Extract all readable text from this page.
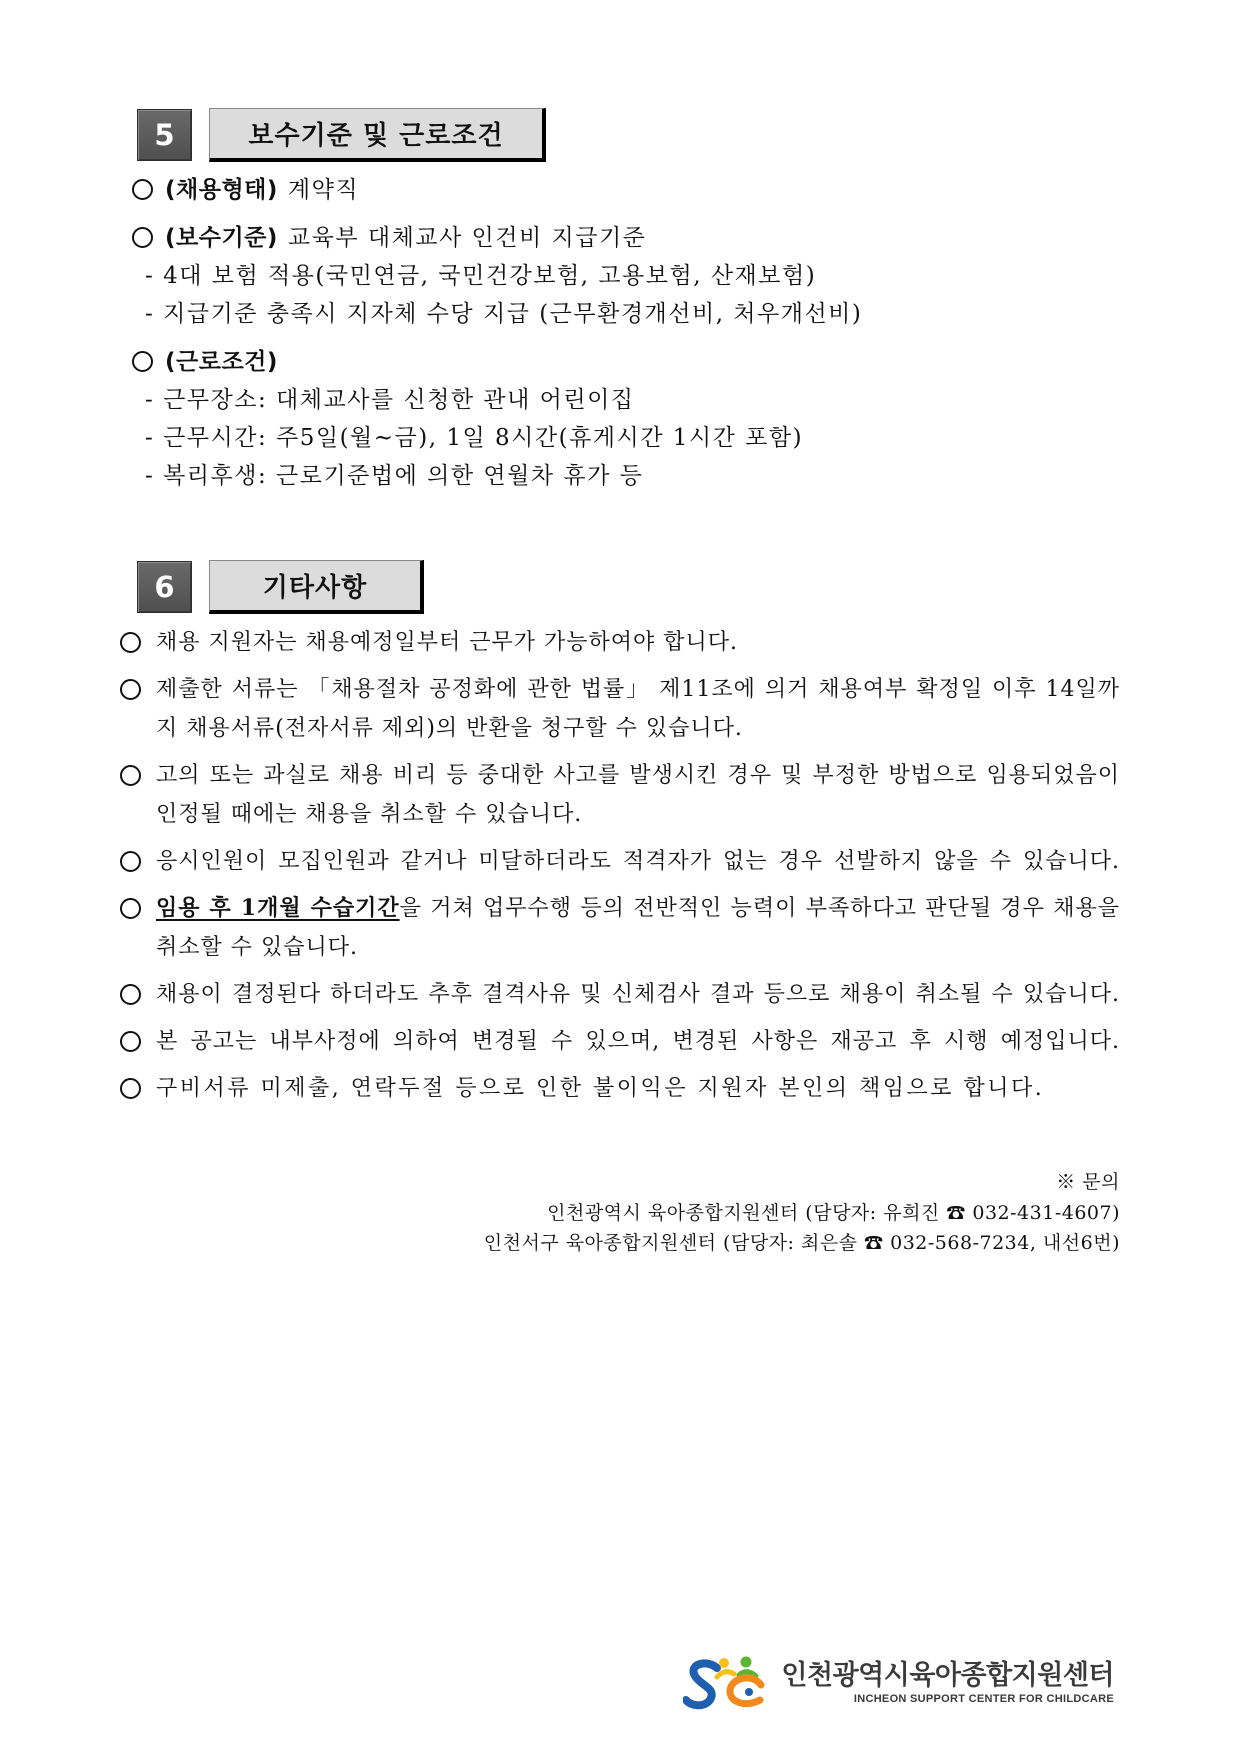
5	보수기준 및 근로조건
(채용형태) 계약직
(보수기준) 교육부 대체교사 인건비 지급기준
- 4대 보험 적용(국민연금, 국민건강보험, 고용보험, 산재보험)
- 지급기준 충족시 지자체 수당 지급 (근무환경개선비, 처우개선비)
(근로조건)
- 근무장소: 대체교사를 신청한 관내 어린이집
- 근무시간: 주5일(월~금), 1일 8시간(휴게시간 1시간 포함)
- 복리후생: 근로기준법에 의한 연월차 휴가 등
6	기타사항
채용 지원자는 채용예정일부터 근무가 가능하여야 합니다.
제출한 서류는 「채용절차 공정화에 관한 법률」 제11조에 의거 채용여부 확정일 이후 14일까지 채용서류(전자서류 제외)의 반환을 청구할 수 있습니다.
고의 또는 과실로 채용 비리 등 중대한 사고를 발생시킨 경우 및 부정한 방법으로 임용되었음이 인정될 때에는 채용을 취소할 수 있습니다.
응시인원이 모집인원과 같거나 미달하더라도 적격자가 없는 경우 선발하지 않을 수 있습니다.
임용 후 1개월 수습기간을 거쳐 업무수행 등의 전반적인 능력이 부족하다고 판단될 경우 채용을 취소할 수 있습니다.
채용이 결정된다 하더라도 추후 결격사유 및 신체검사 결과 등으로 채용이 취소될 수 있습니다.
본 공고는 내부사정에 의하여 변경될 수 있으며, 변경된 사항은 재공고 후 시행 예정입니다.
구비서류 미제출, 연락두절 등으로 인한 불이익은 지원자 본인의 책임으로 합니다.
※ 문의
인천광역시 육아종합지원센터 (담당자: 유희진 ☎ 032-431-4607)
인천서구 육아종합지원센터 (담당자: 최은솔 ☎ 032-568-7234, 내선6번)
인천광역시육아종합지원센터
INCHEON SUPPORT CENTER FOR CHILDCARE
